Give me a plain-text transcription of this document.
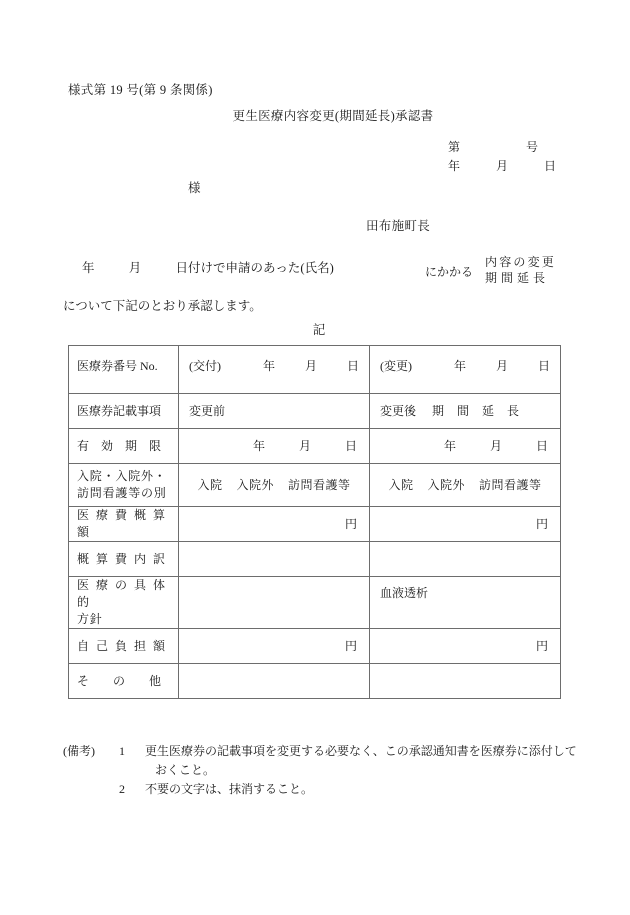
様式第 19 号(第 9 条関係)
更生医療内容変更(期間延長)承認書
第	号
年	月	日
様
田布施町長
年	月	日付けで申請のあった(氏名)	にかかる
内容の変更
期間延長
について下記のとおり承認します。
記
医療券番号 No.	(交付) 年 月 日	(変更) 年 月 日

医療券記載事項	変更前	変更後 期 間 延 長

有　効　期　限	年 月 日	年 月 日

入院・入院外・
訪問看護等の別	入院 入院外 訪問看護等	入院 入院外 訪問看護等

医 療 費 概 算 額	円	円

概 算 費 内 訳		

医 療 の 具 体 的
方針		血液透析

自 己 負 担 額	円	円

そ　　の　　他		

(備考)	1	更生医療券の記載事項を変更する必要なく、この承認通知書を医療券に添付して
おくこと。
2	不要の文字は、抹消すること。
